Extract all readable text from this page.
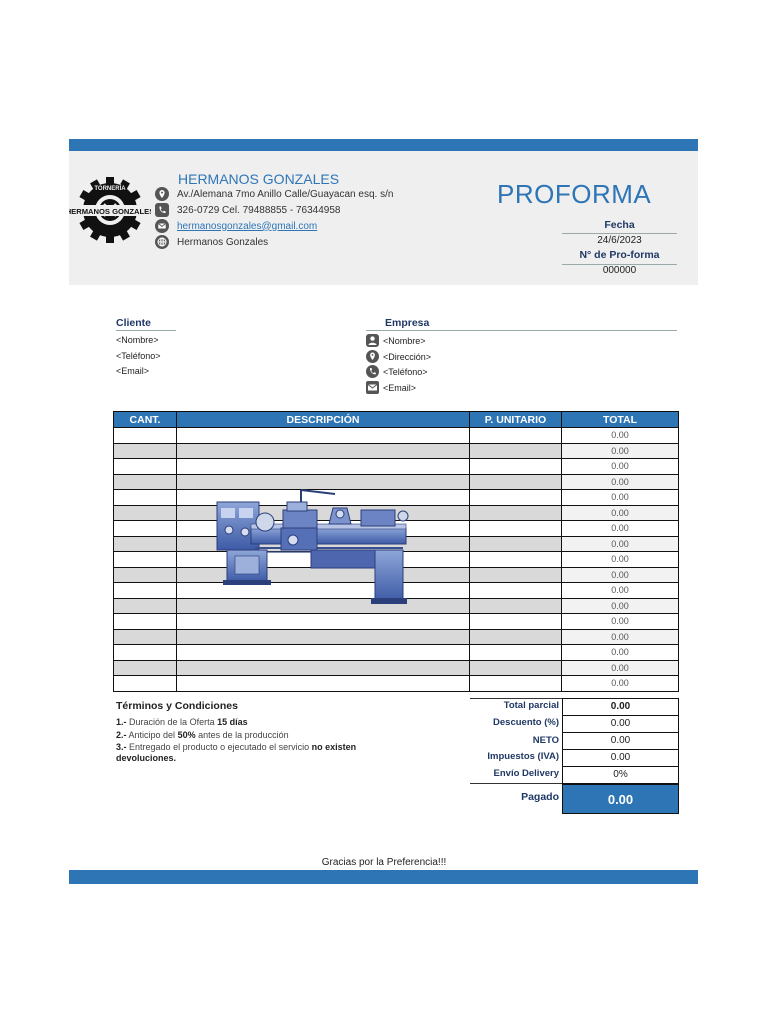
TORNERÍA
HERMANOS GONZALES
HERMANOS GONZALES
Av./Alemana 7mo Anillo Calle/Guayacan esq. s/n
326-0729 Cel. 79488855 - 76344958
hermanosgonzales@gmail.com
Hermanos Gonzales
PROFORMA
Fecha
24/6/2023
N° de Pro-forma
000000
Cliente
<Nombre>
<Teléfono>
<Email>
Empresa
<Nombre>
<Dirección>
<Teléfono>
<Email>
CANT.	DESCRIPCIÓN	P. UNITARIO	TOTAL
			0.00
			0.00
			0.00
			0.00
			0.00
			0.00
			0.00
			0.00
			0.00
			0.00
			0.00
			0.00
			0.00
			0.00
			0.00
			0.00
			0.00
Términos y Condiciones
1.- Duración de la Oferta 15 días
2.- Anticipo del 50% antes de la producción
3.- Entregado el producto o ejecutado el servicio no existen
devoluciones.
Total parcial	0.00
Descuento (%)	0.00
NETO	0.00
Impuestos (IVA)	0.00
Envío Delivery	0%
Pagado	0.00
Gracias por la Preferencia!!!
